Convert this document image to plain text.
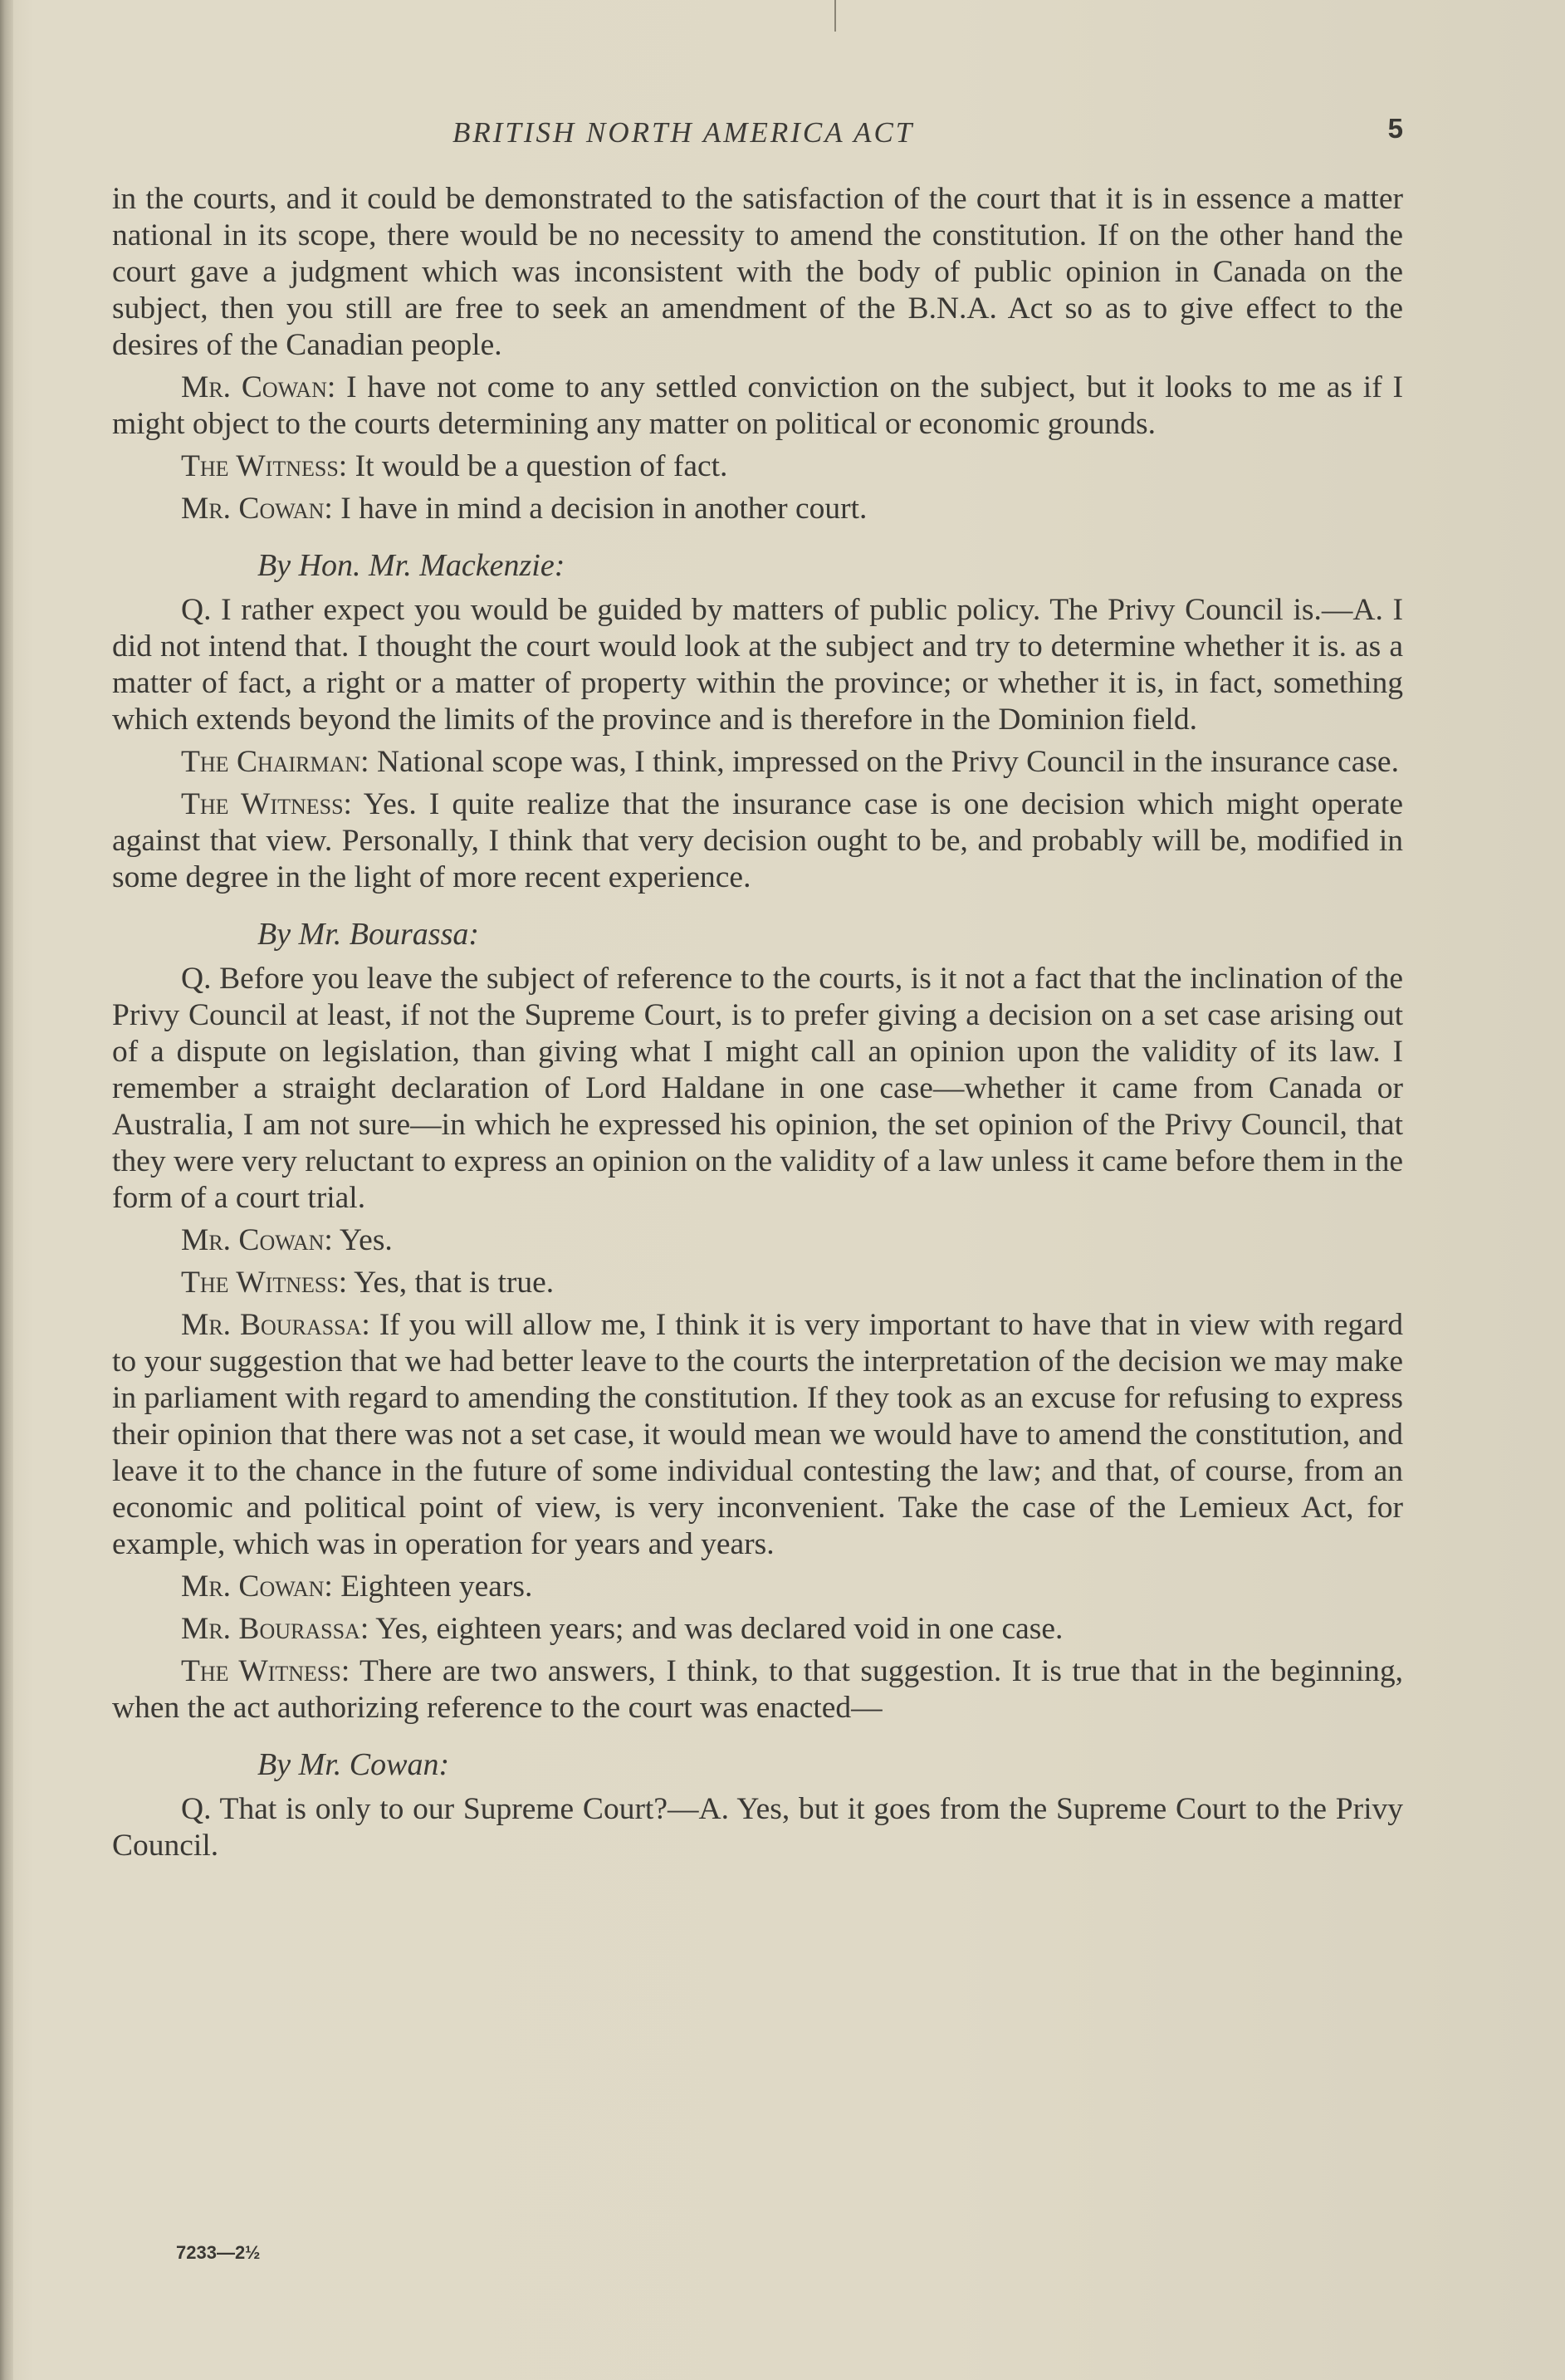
BRITISH NORTH AMERICA ACT	5

in the courts, and it could be demonstrated to the satisfaction of the court that it is in essence a matter national in its scope, there would be no necessity to amend the constitution. If on the other hand the court gave a judgment which was inconsistent with the body of public opinion in Canada on the subject, then you still are free to seek an amendment of the B.N.A. Act so as to give effect to the desires of the Canadian people.

Mr. Cowan: I have not come to any settled conviction on the subject, but it looks to me as if I might object to the courts determining any matter on political or economic grounds.

The Witness: It would be a question of fact.

Mr. Cowan: I have in mind a decision in another court.

By Hon. Mr. Mackenzie:

Q. I rather expect you would be guided by matters of public policy. The Privy Council is.—A. I did not intend that. I thought the court would look at the subject and try to determine whether it is. as a matter of fact, a right or a matter of property within the province; or whether it is, in fact, something which extends beyond the limits of the province and is therefore in the Dominion field.

The Chairman: National scope was, I think, impressed on the Privy Council in the insurance case.

The Witness: Yes. I quite realize that the insurance case is one decision which might operate against that view. Personally, I think that very decision ought to be, and probably will be, modified in some degree in the light of more recent experience.

By Mr. Bourassa:

Q. Before you leave the subject of reference to the courts, is it not a fact that the inclination of the Privy Council at least, if not the Supreme Court, is to prefer giving a decision on a set case arising out of a dispute on legislation, than giving what I might call an opinion upon the validity of its law. I remember a straight declaration of Lord Haldane in one case—whether it came from Canada or Australia, I am not sure—in which he expressed his opinion, the set opinion of the Privy Council, that they were very reluctant to express an opinion on the validity of a law unless it came before them in the form of a court trial.

Mr. Cowan: Yes.

The Witness: Yes, that is true.

Mr. Bourassa: If you will allow me, I think it is very important to have that in view with regard to your suggestion that we had better leave to the courts the interpretation of the decision we may make in parliament with regard to amending the constitution. If they took as an excuse for refusing to express their opinion that there was not a set case, it would mean we would have to amend the constitution, and leave it to the chance in the future of some individual contesting the law; and that, of course, from an economic and political point of view, is very inconvenient. Take the case of the Lemieux Act, for example, which was in operation for years and years.

Mr. Cowan: Eighteen years.

Mr. Bourassa: Yes, eighteen years; and was declared void in one case.

The Witness: There are two answers, I think, to that suggestion. It is true that in the beginning, when the act authorizing reference to the court was enacted—

By Mr. Cowan:

Q. That is only to our Supreme Court?—A. Yes, but it goes from the Supreme Court to the Privy Council.

7233—2½
